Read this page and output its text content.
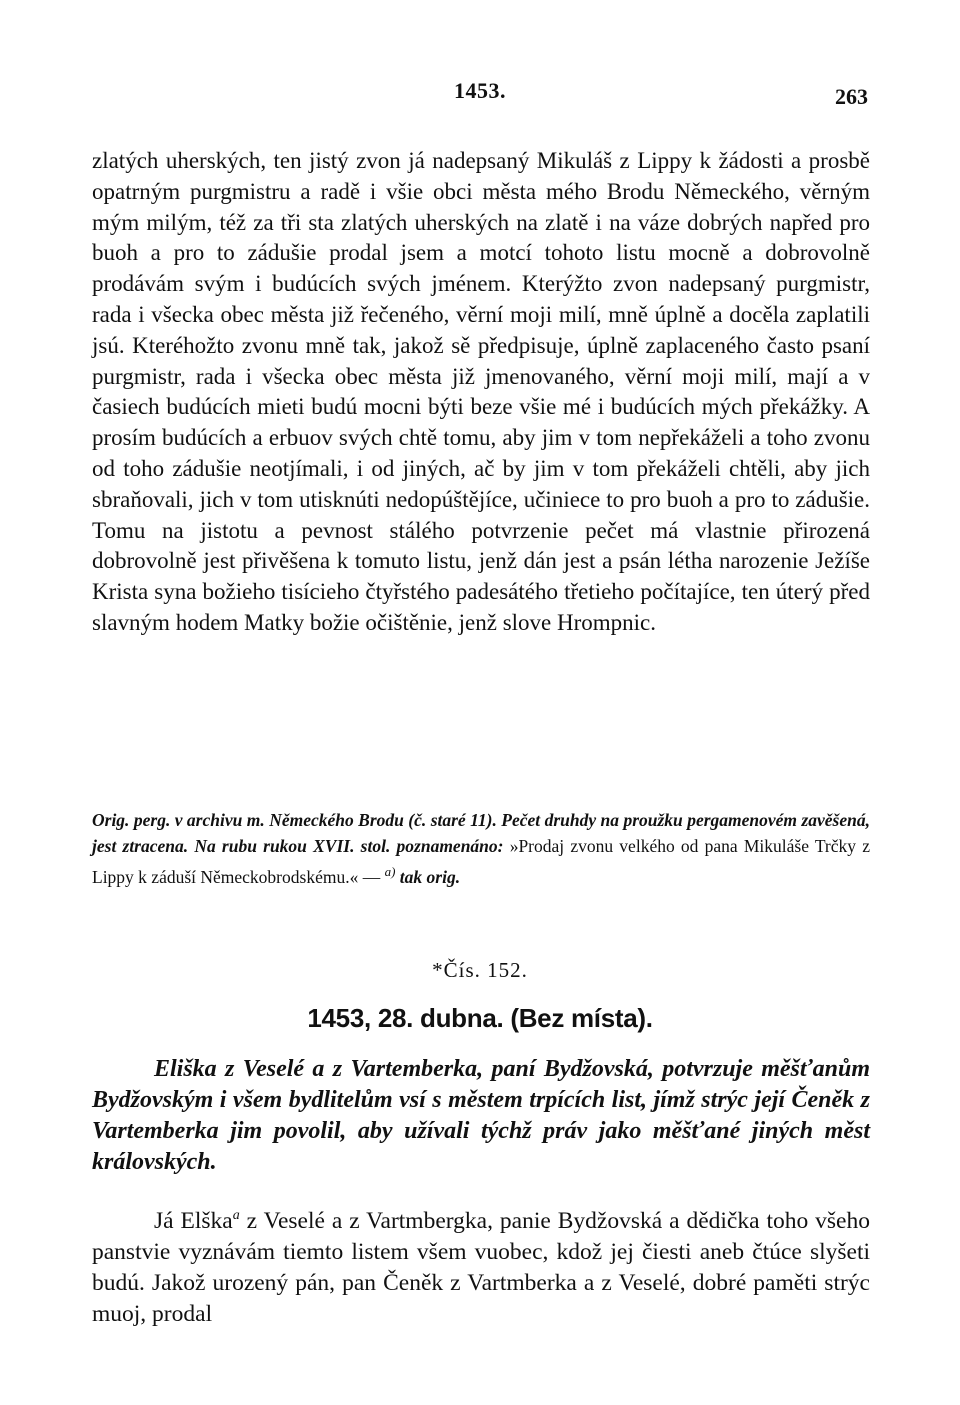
1453.	263

zlatých uherských, ten jistý zvon já nadepsaný Mikuláš z Lippy k žádosti a prosbě opatrným purgmistru a radě i všie obci města mého Brodu Německého, věrným mým milým, též za tři sta zlatých uherských na zlatě i na váze dobrých napřed pro buoh a pro to zádušie prodal jsem a motcí tohoto listu mocně a dobrovolně prodávám svým i budúcích svých jménem. Kterýžto zvon nadepsaný purgmistr, rada i všecka obec města již řečeného, věrní moji milí, mně úplně a doсěla zaplatili jsú. Kteréhožto zvonu mně tak, jakož sě předpisuje, úplně zaplaceného často psaní purgmistr, rada i všecka obec města již jmenovaného, věrní moji milí, mají a v časiech budúcích mieti budú mocni býti beze všie mé i budúcích mých překážky. A prosím budúcích a erbuov svých chtě tomu, aby jim v tom nepřekáželi a toho zvonu od toho zádušie neotjímali, i od jiných, ač by jim v tom překáželi chtěli, aby jich sbraňovali, jich v tom utisknúti nedopúštějíce, učiniece to pro buoh a pro to zádušie. Tomu na jistotu a pevnost stálého potvrzenie pečet má vlastnie přirozená dobrovolně jest přivěšena k tomuto listu, jenž dán jest a psán létha narozenie Ježíše Krista syna božieho tisícieho čtyřstého padesátého třetieho počítajíce, ten úterý před slavným hodem Matky božie očištěnie, jenž slove Hrompnic.

Orig. perg. v archivu m. Německého Brodu (č. staré 11). Pečet druhdy na proužku pergamenovém zavěšená, jest ztracena. Na rubu rukou XVII. stol. poznamenáno: »Prodaj zvonu velkého od pana Mikuláše Trčky z Lippy k záduší Německobrodskému.« — $^{a)}$ tak orig.
*Čís. 152.
1453, 28. dubna. (Bez místa).
Eliška z Veselé a z Vartemberka, paní Bydžovská, potvrzuje měšťanům Bydžovským i všem bydlitelům vsí s městem trpících list, jímž strýc její Čeněk z Vartemberka jim povolil, aby užívali týchž práv jako měšťané jiných měst královských.
Já Elška$^a$ z Veselé a z Vartmbergka, panie Bydžovská a dědička toho všeho panstvie vyznávám tiemto listem všem vuobec, kdož jej čiesti aneb čtúce slyšeti budú. Jakož urozený pán, pan Čeněk z Vartmberka a z Veselé, dobré paměti strýc muoj, prodal
